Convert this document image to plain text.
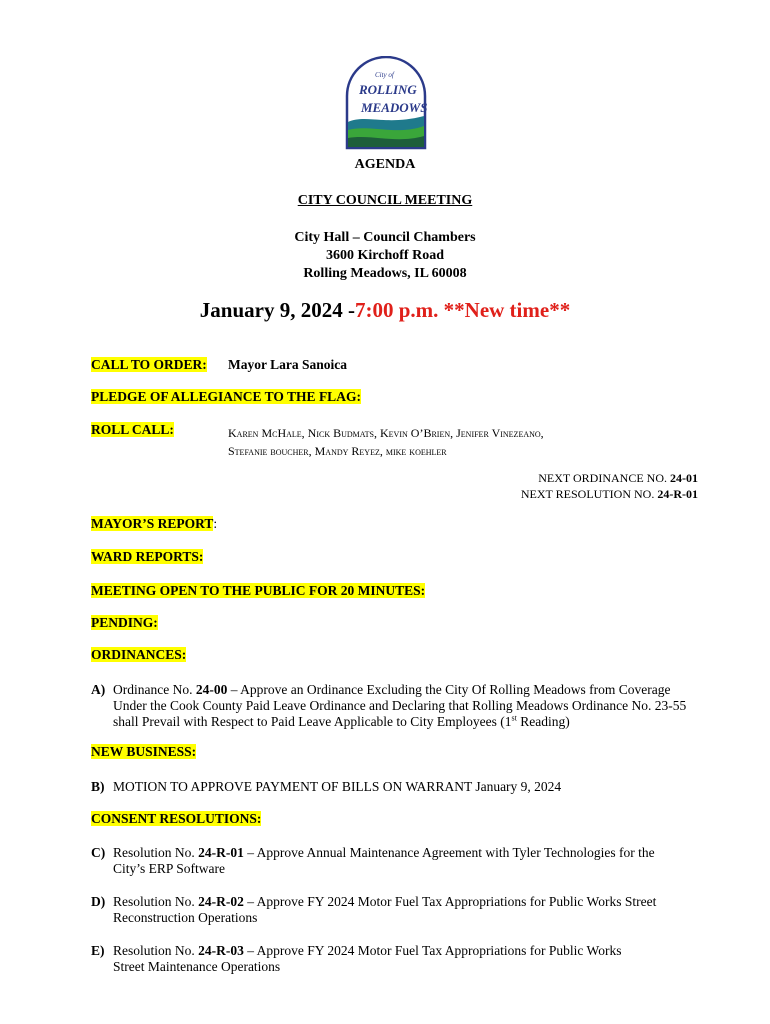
City of
ROLLING
MEADOWS
AGENDA
CITY COUNCIL MEETING
City Hall – Council Chambers
3600 Kirchoff Road
Rolling Meadows, IL 60008
January 9, 2024 -7:00 p.m. **New time**
CALL TO ORDER: Mayor Lara Sanoica
PLEDGE OF ALLEGIANCE TO THE FLAG:
ROLL CALL:	Karen McHale, Nick Budmats, Kevin O’Brien, Jenifer Vinezeano,
Stefanie boucher, Mandy Reyez, mike koehler
NEXT ORDINANCE NO. 24-01
NEXT RESOLUTION NO. 24-R-01
MAYOR’S REPORT:
WARD REPORTS:
MEETING OPEN TO THE PUBLIC FOR 20 MINUTES:
PENDING:
ORDINANCES:
A) Ordinance No. 24-00 – Approve an Ordinance Excluding the City Of Rolling Meadows from Coverage
Under the Cook County Paid Leave Ordinance and Declaring that Rolling Meadows Ordinance No. 23-55
shall Prevail with Respect to Paid Leave Applicable to City Employees (1st Reading)
NEW BUSINESS:
B) MOTION TO APPROVE PAYMENT OF BILLS ON WARRANT January 9, 2024
CONSENT RESOLUTIONS:
C) Resolution No. 24-R-01 – Approve Annual Maintenance Agreement with Tyler Technologies for the
City’s ERP Software
D) Resolution No. 24-R-02 – Approve FY 2024 Motor Fuel Tax Appropriations for Public Works Street
Reconstruction Operations
E) Resolution No. 24-R-03 – Approve FY 2024 Motor Fuel Tax Appropriations for Public Works
Street Maintenance Operations
